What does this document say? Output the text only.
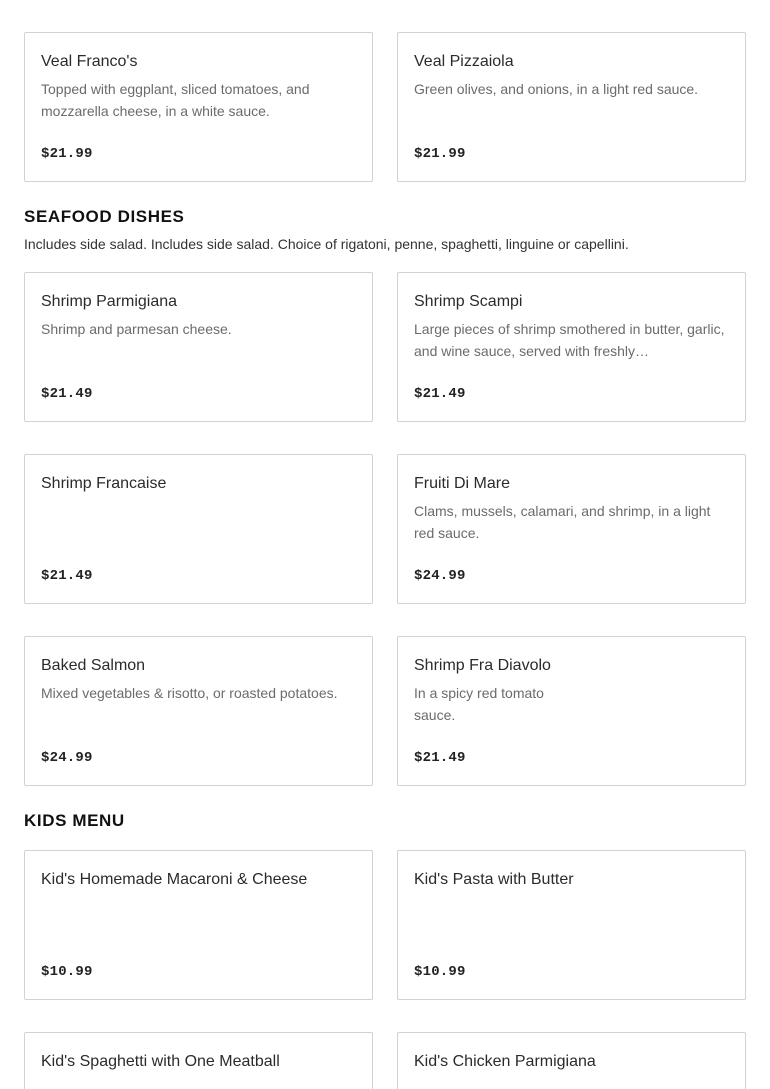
Veal Franco's
Topped with eggplant, sliced tomatoes, and mozzarella cheese, in a white sauce.
$21.99
Veal Pizzaiola
Green olives, and onions, in a light red sauce.
$21.99
SEAFOOD DISHES

Includes side salad. Includes side salad. Choice of rigatoni, penne, spaghetti, linguine or capellini.

Shrimp Parmigiana
Shrimp and parmesan cheese.
$21.49
Shrimp Scampi
Large pieces of shrimp smothered in butter, garlic, and wine sauce, served with freshly…
$21.49
Shrimp Francaise
$21.49
Fruiti Di Mare
Clams, mussels, calamari, and shrimp, in a light red sauce.
$24.99
Baked Salmon
Mixed vegetables & risotto, or roasted potatoes.
$24.99
Shrimp Fra Diavolo
In a spicy red tomato sauce.
$21.49
KIDS MENU
Kid's Homemade Macaroni & Cheese
$10.99
Kid's Pasta with Butter
$10.99
Kid's Spaghetti with One Meatball	Kid's Chicken Parmigiana
